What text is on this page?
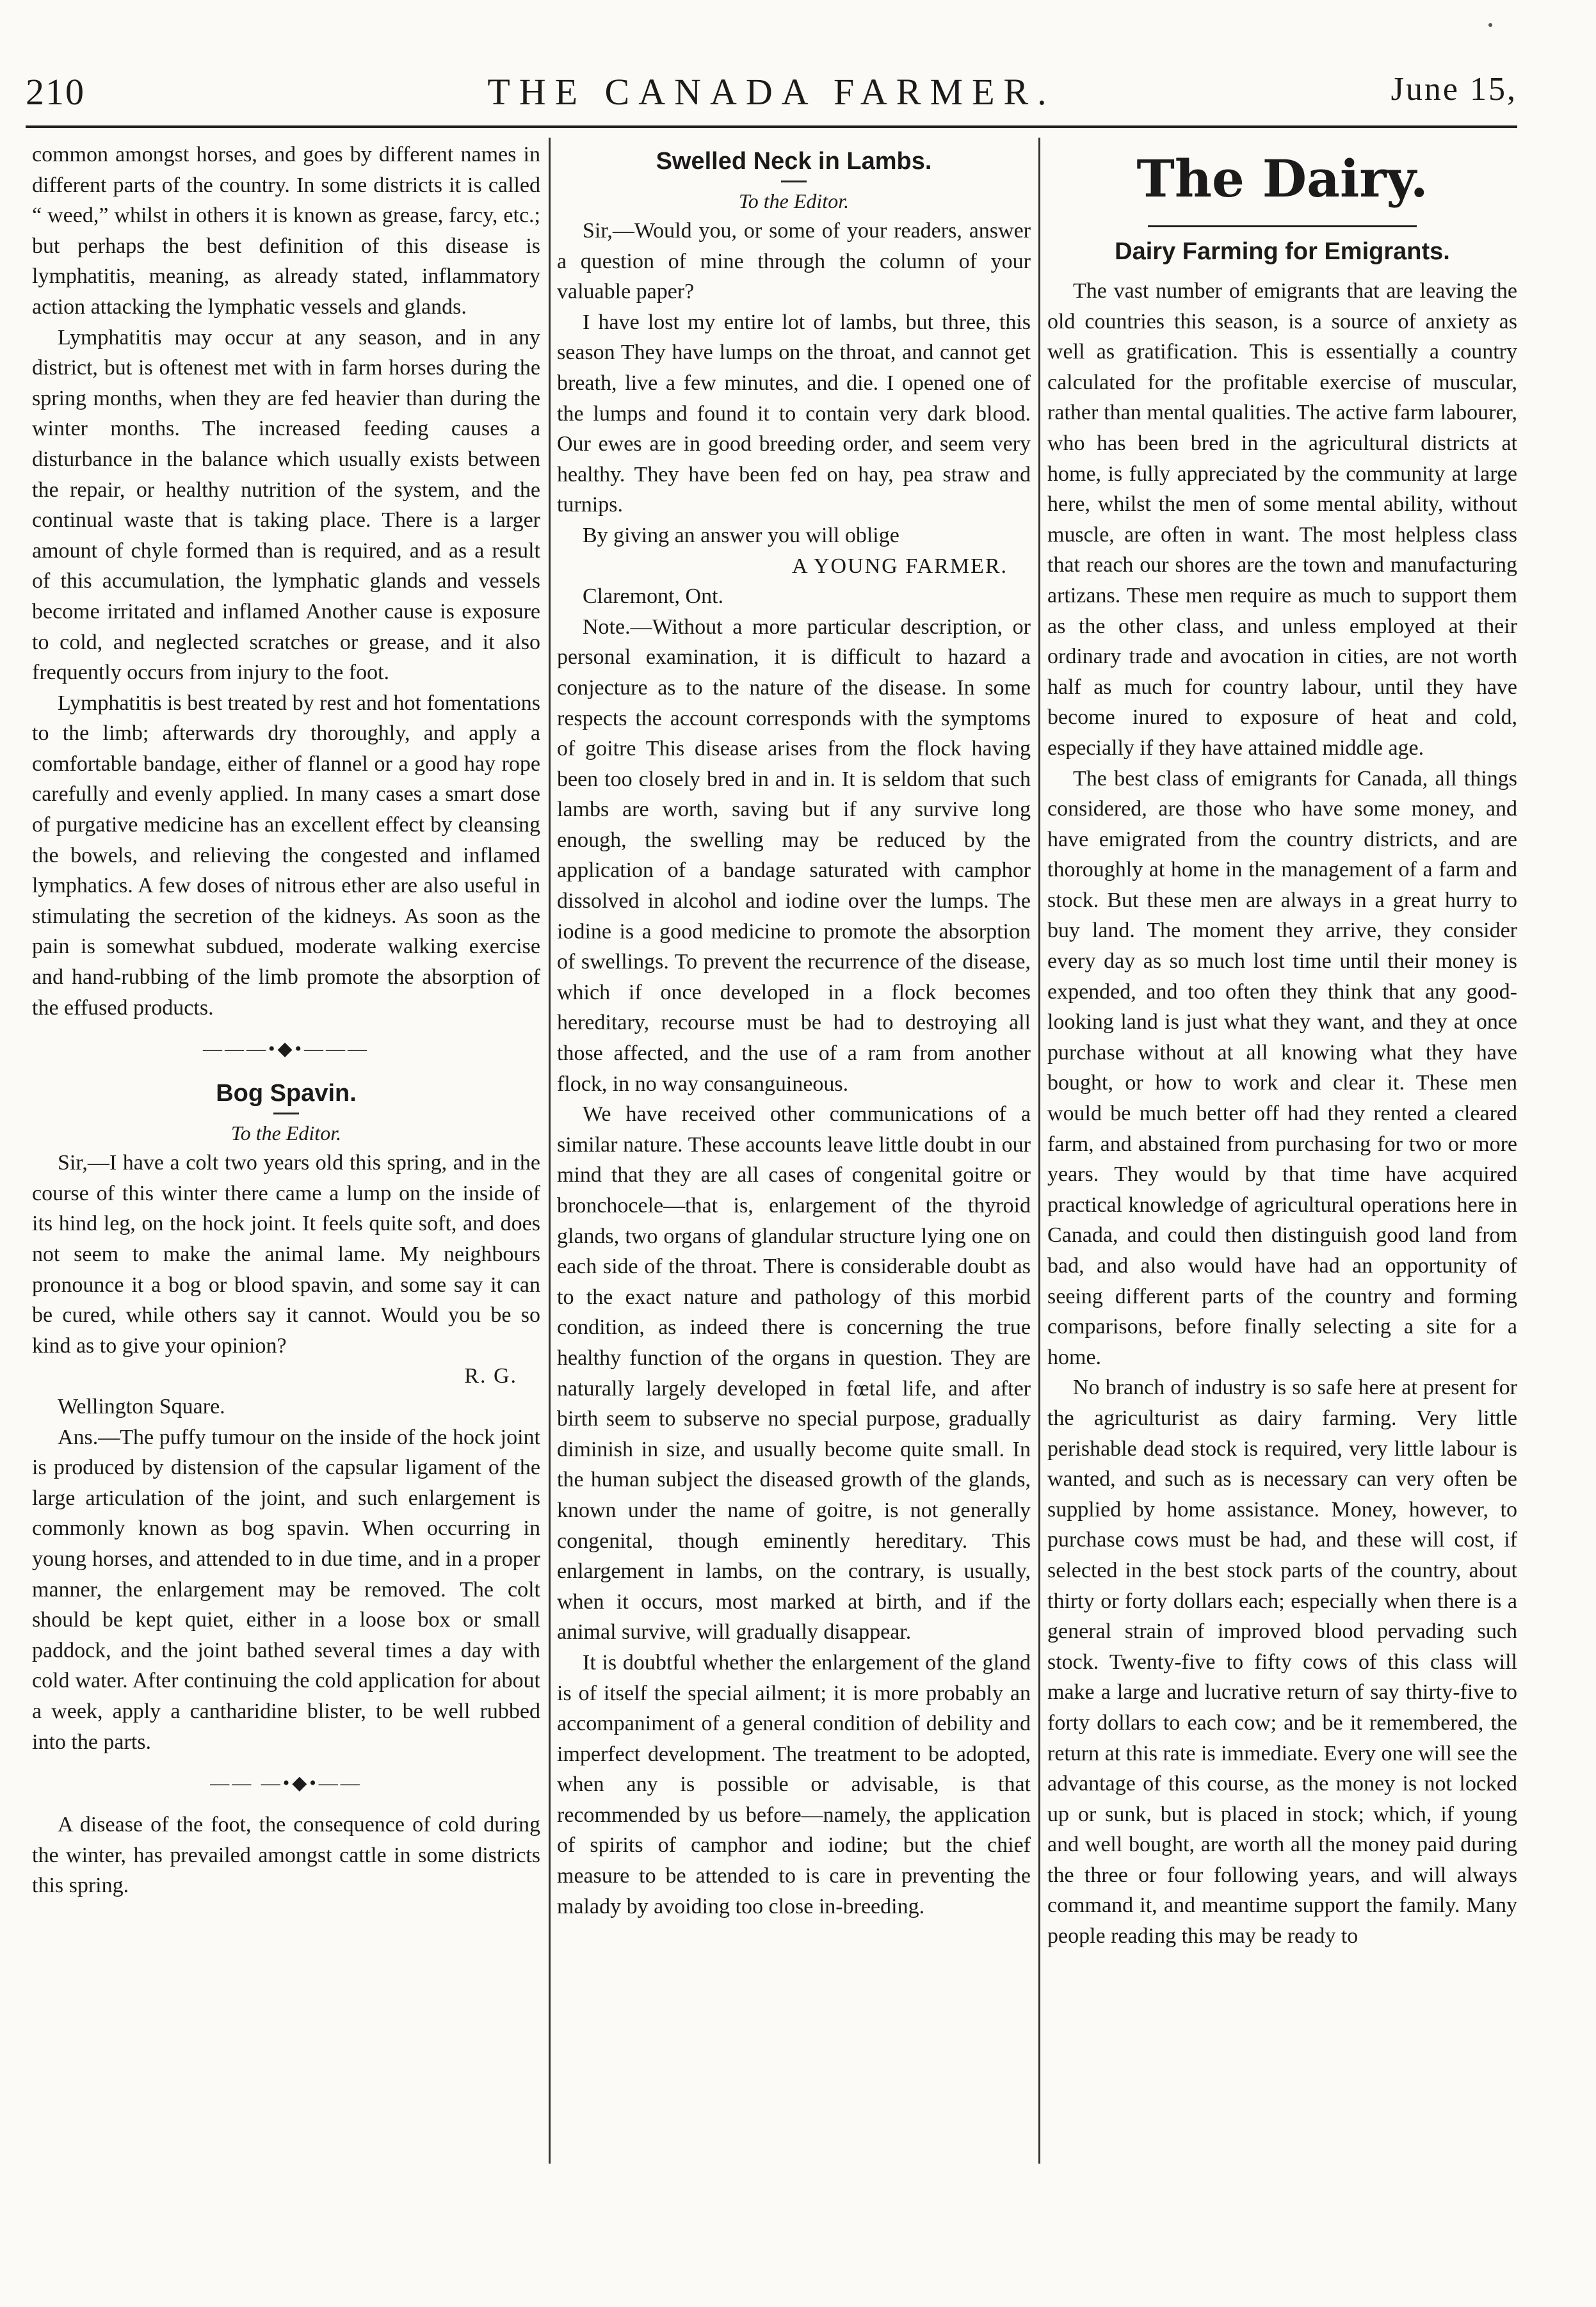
210	THE CANADA FARMER.	June 15,

common amongst horses, and goes by different names in different parts of the country. In some districts it is called “ weed,” whilst in others it is known as grease, farcy, etc.; but perhaps the best definition of this disease is lymphatitis, meaning, as already stated, inflammatory action attacking the lymphatic vessels and glands.

Lymphatitis may occur at any season, and in any district, but is oftenest met with in farm horses during the spring months, when they are fed heavier than during the winter months. The increased feeding causes a disturbance in the balance which usually exists between the repair, or healthy nutrition of the system, and the continual waste that is taking place. There is a larger amount of chyle formed than is required, and as a result of this accumulation, the lymphatic glands and vessels become irritated and inflamed Another cause is exposure to cold, and neglected scratches or grease, and it also frequently occurs from injury to the foot.

Lymphatitis is best treated by rest and hot fomentations to the limb; afterwards dry thoroughly, and apply a comfortable bandage, either of flannel or a good hay rope carefully and evenly applied. In many cases a smart dose of purgative medicine has an excellent effect by cleansing the bowels, and relieving the congested and inflamed lymphatics. A few doses of nitrous ether are also useful in stimulating the secretion of the kidneys. As soon as the pain is somewhat subdued, moderate walking exercise and hand-rubbing of the limb promote the absorption of the effused products.

———•◆•———
Bog Spavin.
To the Editor.

Sir,—I have a colt two years old this spring, and in the course of this winter there came a lump on the inside of its hind leg, on the hock joint. It feels quite soft, and does not seem to make the animal lame. My neighbours pronounce it a bog or blood spavin, and some say it can be cured, while others say it cannot. Would you be so kind as to give your opinion?

R. G.

Wellington Square.

Ans.—The puffy tumour on the inside of the hock joint is produced by distension of the capsular ligament of the large articulation of the joint, and such enlargement is commonly known as bog spavin. When occurring in young horses, and attended to in due time, and in a proper manner, the enlargement may be removed. The colt should be kept quiet, either in a loose box or small paddock, and the joint bathed several times a day with cold water. After continuing the cold application for about a week, apply a cantharidine blister, to be well rubbed into the parts.

—— —•◆•——

A disease of the foot, the consequence of cold during the winter, has prevailed amongst cattle in some districts this spring.

Swelled Neck in Lambs.
To the Editor.

Sir,—Would you, or some of your readers, answer a question of mine through the column of your valuable paper?

I have lost my entire lot of lambs, but three, this season They have lumps on the throat, and cannot get breath, live a few minutes, and die. I opened one of the lumps and found it to contain very dark blood. Our ewes are in good breeding order, and seem very healthy. They have been fed on hay, pea straw and turnips.

By giving an answer you will oblige

A YOUNG FARMER.

Claremont, Ont.

Note.—Without a more particular description, or personal examination, it is difficult to hazard a conjecture as to the nature of the disease. In some respects the account corresponds with the symptoms of goitre This disease arises from the flock having been too closely bred in and in. It is seldom that such lambs are worth, saving but if any survive long enough, the swelling may be reduced by the application of a bandage saturated with camphor dissolved in alcohol and iodine over the lumps. The iodine is a good medicine to promote the absorption of swellings. To prevent the recurrence of the disease, which if once developed in a flock becomes hereditary, recourse must be had to destroying all those affected, and the use of a ram from another flock, in no way consanguineous.

We have received other communications of a similar nature. These accounts leave little doubt in our mind that they are all cases of congenital goitre or bronchocele—that is, enlargement of the thyroid glands, two organs of glandular structure lying one on each side of the throat. There is considerable doubt as to the exact nature and pathology of this morbid condition, as indeed there is concerning the true healthy function of the organs in question. They are naturally largely developed in fœtal life, and after birth seem to subserve no special purpose, gradually diminish in size, and usually become quite small. In the human subject the diseased growth of the glands, known under the name of goitre, is not generally congenital, though eminently hereditary. This enlargement in lambs, on the contrary, is usually, when it occurs, most marked at birth, and if the animal survive, will gradually disappear.

It is doubtful whether the enlargement of the gland is of itself the special ailment; it is more probably an accompaniment of a general condition of debility and imperfect development. The treatment to be adopted, when any is possible or advisable, is that recommended by us before—namely, the application of spirits of camphor and iodine; but the chief measure to be attended to is care in preventing the malady by avoiding too close in-breeding.

The Dairy.
Dairy Farming for Emigrants.

The vast number of emigrants that are leaving the old countries this season, is a source of anxiety as well as gratification. This is essentially a country calculated for the profitable exercise of muscular, rather than mental qualities. The active farm labourer, who has been bred in the agricultural districts at home, is fully appreciated by the community at large here, whilst the men of some mental ability, without muscle, are often in want. The most helpless class that reach our shores are the town and manufacturing artizans. These men require as much to support them as the other class, and unless employed at their ordinary trade and avocation in cities, are not worth half as much for country labour, until they have become inured to exposure of heat and cold, especially if they have attained middle age.

The best class of emigrants for Canada, all things considered, are those who have some money, and have emigrated from the country districts, and are thoroughly at home in the management of a farm and stock. But these men are always in a great hurry to buy land. The moment they arrive, they consider every day as so much lost time until their money is expended, and too often they think that any good-looking land is just what they want, and they at once purchase without at all knowing what they have bought, or how to work and clear it. These men would be much better off had they rented a cleared farm, and abstained from purchasing for two or more years. They would by that time have acquired practical knowledge of agricultural operations here in Canada, and could then distinguish good land from bad, and also would have had an opportunity of seeing different parts of the country and forming comparisons, before finally selecting a site for a home.

No branch of industry is so safe here at present for the agriculturist as dairy farming. Very little perishable dead stock is required, very little labour is wanted, and such as is necessary can very often be supplied by home assistance. Money, however, to purchase cows must be had, and these will cost, if selected in the best stock parts of the country, about thirty or forty dollars each; especially when there is a general strain of improved blood pervading such stock. Twenty-five to fifty cows of this class will make a large and lucrative return of say thirty-five to forty dollars to each cow; and be it remembered, the return at this rate is immediate. Every one will see the advantage of this course, as the money is not locked up or sunk, but is placed in stock; which, if young and well bought, are worth all the money paid during the three or four following years, and will always command it, and meantime support the family. Many people reading this may be ready to
